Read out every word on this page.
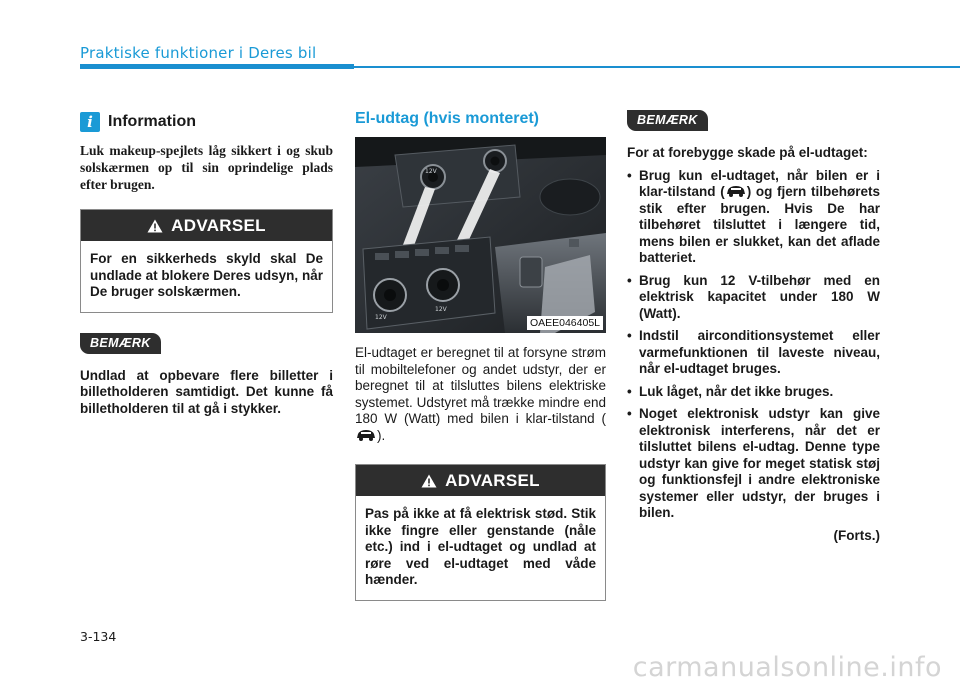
Praktiske funktioner i Deres bil
i Information
Luk makeup-spejlets låg sikkert i og skub solskærmen op til sin oprindelige plads efter brugen.
ADVARSEL
For en sikkerheds skyld skal De undlade at blokere Deres udsyn, når De bruger solskærmen.
BEMÆRK
Undlad at opbevare flere billetter i billetholderen samtidigt. Det kunne få billetholderen til at gå i stykker.
El-udtag (hvis monteret)
12V
12V
12V
OAEE046405L
El-udtaget er beregnet til at forsyne strøm til mobiltelefoner og andet udstyr, der er beregnet til at tilsluttes bilens elektriske systemet. Udstyret må trække mindre end 180 W (Watt) med bilen i klar-tilstand ().
ADVARSEL
Pas på ikke at få elektrisk stød. Stik ikke fingre eller genstande (nåle etc.) ind i el-udtaget og undlad at røre ved el-udtaget med våde hænder.
BEMÆRK
For at forebygge skade på el-udtaget:
• Brug kun el-udtaget, når bilen er i klar-tilstand ( ) og fjern tilbehørets stik efter brugen. Hvis De har tilbehøret tilsluttet i længere tid, mens bilen er slukket, kan det aflade batteriet.
• Brug kun 12 V-tilbehør med en elektrisk kapacitet under 180 W (Watt).
• Indstil airconditionsystemet eller varmefunktionen til laveste niveau, når el-udtaget bruges.
• Luk låget, når det ikke bruges.
• Noget elektronisk udstyr kan give elektronisk interferens, når det er tilsluttet bilens el-udtag. Denne type udstyr kan give for meget statisk støj og funktionsfejl i andre elektroniske systemer eller udstyr, der bruges i bilen.
(Forts.)
3-134
carmanualsonline.info
